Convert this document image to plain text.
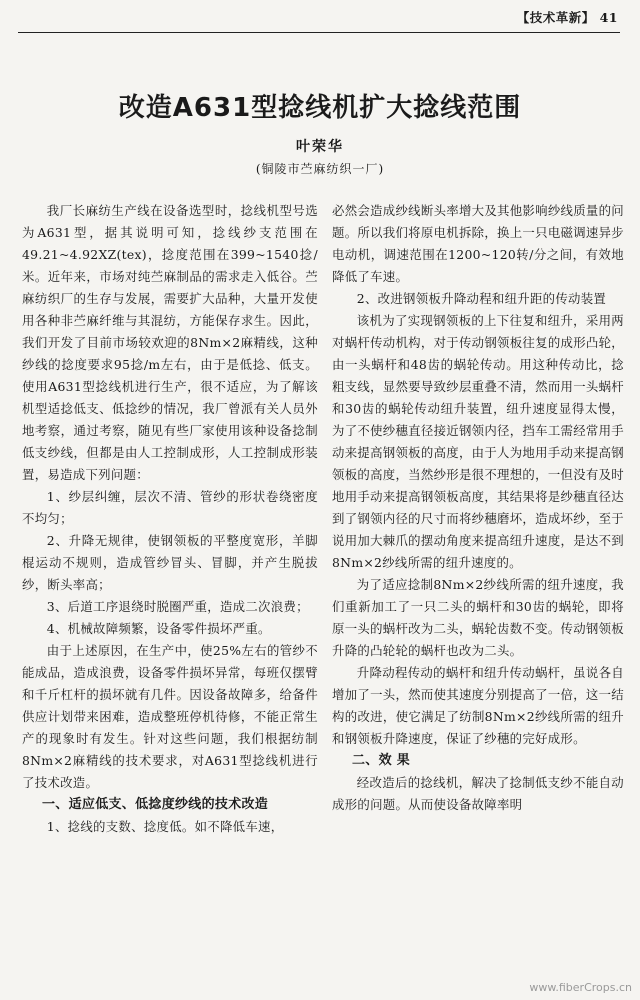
【技术革新】 41
改造A631型捻线机扩大捻线范围
叶荣华
(铜陵市苎麻纺织一厂)

我厂长麻纺生产线在设备选型时，捻线机型号选为A631型，据其说明可知，捻线纱支范围在49.21~4.92XZ(tex)，捻度范围在399~1540捻/米。近年来，市场对纯苎麻制品的需求走入低谷。苎麻纺织厂的生存与发展，需要扩大品种，大量开发使用各种非苎麻纤维与其混纺，方能保存求生。因此，我们开发了目前市场较欢迎的8Nm×2麻精线，这种纱线的捻度要求95捻/m左右，由于是低捻、低支。使用A631型捻线机进行生产，很不适应，为了解该机型适捻低支、低捻纱的情况，我厂曾派有关人员外地考察，通过考察，随见有些厂家使用该种设备捻制低支纱线，但都是由人工控制成形，人工控制成形装置，易造成下列问题：

1、纱层纠缠，层次不清、管纱的形状卷绕密度不均匀；

2、升降无规律，使钢领板的平整度宽形，羊脚棍运动不规则，造成管纱冒头、冒脚，并产生脱拔纱，断头率高；

3、后道工序退绕时脱圈严重，造成二次浪费；

4、机械故障频繁，设备零件损坏严重。

由于上述原因，在生产中，使25%左右的管纱不能成品，造成浪费，设备零件损坏异常，每班仅摆臂和千斤杠杆的损坏就有几件。因设备故障多，给备件供应计划带来困难，造成整班停机待修，不能正常生产的现象时有发生。针对这些问题，我们根据纺制8Nm×2麻精线的技术要求，对A631型捻线机进行了技术改造。

一、适应低支、低捻度纱线的技术改造

1、捻线的支数、捻度低。如不降低车速，

必然会造成纱线断头率增大及其他影响纱线质量的问题。所以我们将原电机拆除，换上一只电磁调速异步电动机，调速范围在1200~120转/分之间，有效地降低了车速。

2、改进钢领板升降动程和纽升距的传动装置

该机为了实现钢领板的上下往复和纽升，采用两对蜗杆传动机构，对于传动钢领板往复的成形凸轮，由一头蜗杆和48齿的蜗轮传动。用这种传动比，捻粗支线，显然要导致纱层重叠不清，然而用一头蜗杆和30齿的蜗轮传动纽升装置，纽升速度显得太慢，为了不使纱穗直径接近钢领内径，挡车工需经常用手动来提高钢领板的高度，由于人为地用手动来提高钢领板的高度，当然纱形是很不理想的，一但没有及时地用手动来提高钢领板高度，其结果将是纱穗直径达到了钢领内径的尺寸而将纱穗磨坏，造成坏纱，至于说用加大棘爪的摆动角度来提高纽升速度，是达不到8Nm×2纱线所需的纽升速度的。

为了适应捻制8Nm×2纱线所需的纽升速度，我们重新加工了一只二头的蜗杆和30齿的蜗轮，即将原一头的蜗杆改为二头，蜗轮齿数不变。传动钢领板升降的凸轮轮的蜗杆也改为二头。

升降动程传动的蜗杆和纽升传动蜗杆，虽说各自增加了一头，然而使其速度分别提高了一倍，这一结构的改进，使它满足了纺制8Nm×2纱线所需的纽升和钢领板升降速度，保证了纱穗的完好成形。

二、效 果

经改造后的捻线机，解决了捻制低支纱不能自动成形的问题。从而使设备故障率明

www.fiberCrops.cn
